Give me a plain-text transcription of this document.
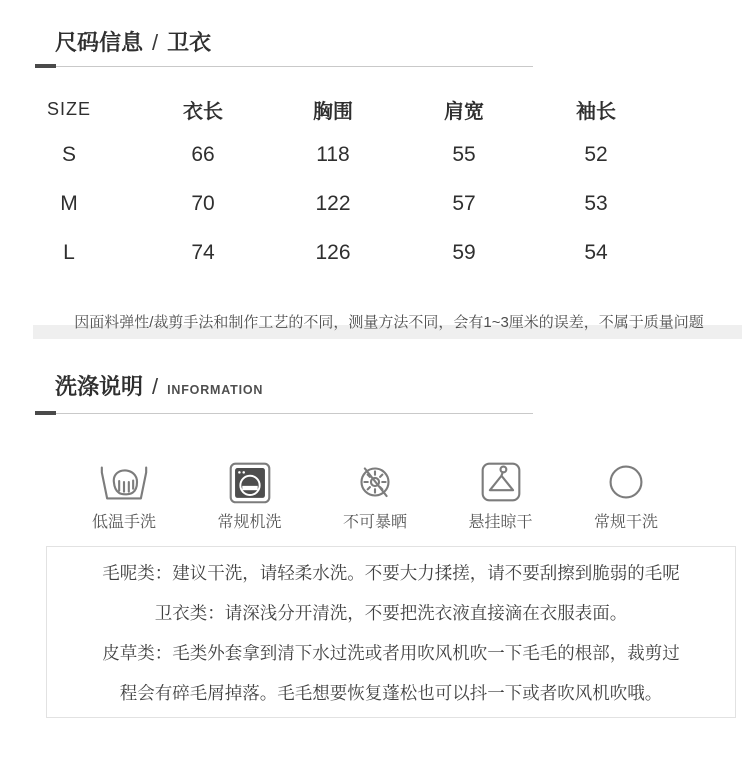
尺码信息 / 卫衣
SIZE	衣长	胸围	肩宽	袖长
S	66	118	55	52
M	70	122	57	53
L	74	126	59	54
因面料弹性/裁剪手法和制作工艺的不同，测量方法不同，会有1~3厘米的误差，不属于质量问题
洗涤说明 / INFORMATION
低温手洗	常规机洗	不可暴晒	悬挂晾干	常规干洗
毛呢类：建议干洗，请轻柔水洗。不要大力揉搓，请不要刮擦到脆弱的毛呢
卫衣类：请深浅分开清洗，不要把洗衣液直接滴在衣服表面。
皮草类：毛类外套拿到清下水过洗或者用吹风机吹一下毛毛的根部，裁剪过
程会有碎毛屑掉落。毛毛想要恢复蓬松也可以抖一下或者吹风机吹哦。
